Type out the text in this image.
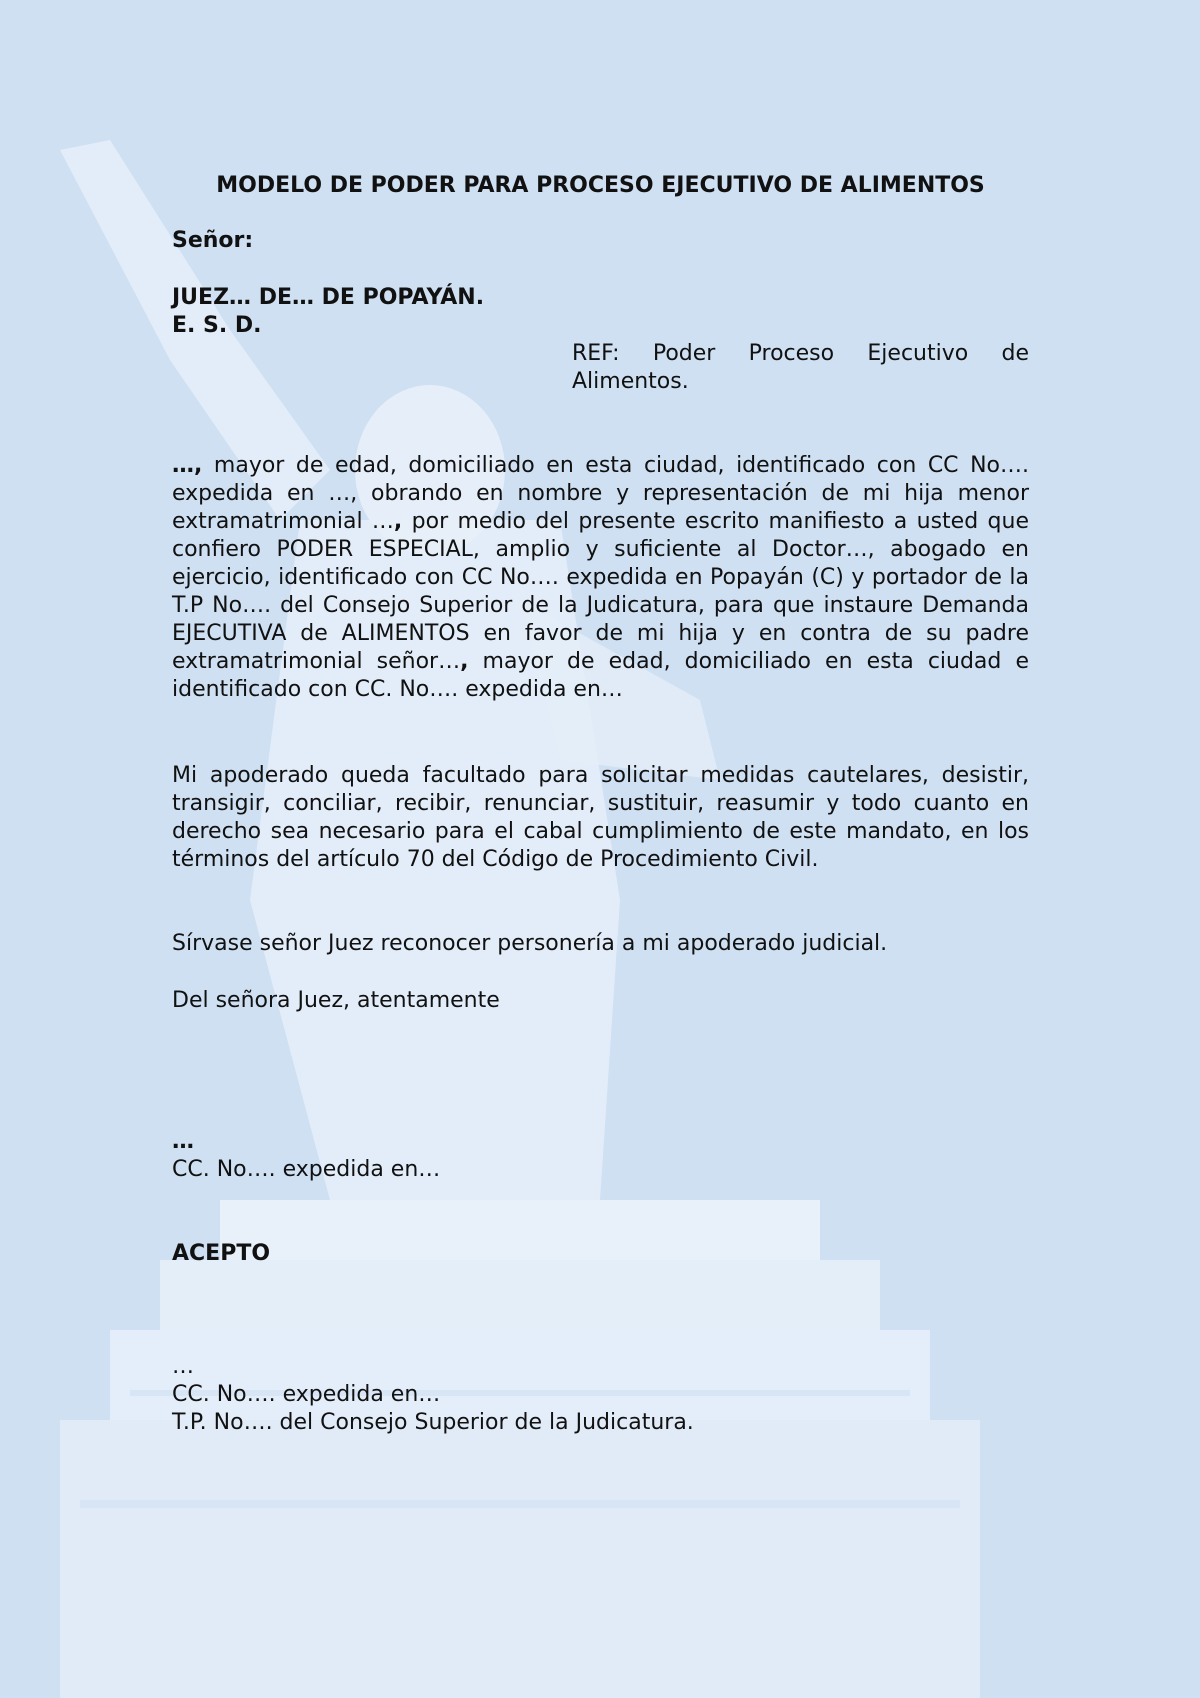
MODELO DE PODER PARA PROCESO EJECUTIVO DE ALIMENTOS
Señor:
JUEZ… DE… DE POPAYÁN.
E. S. D.
REF: Poder Proceso Ejecutivo de Alimentos.
…, mayor de edad, domiciliado en esta ciudad, identificado con CC No…. expedida en …, obrando en nombre y representación de mi hija menor extramatrimonial …, por medio del presente escrito manifiesto a usted que confiero PODER ESPECIAL, amplio y suficiente al Doctor…, abogado en ejercicio, identificado con CC No…. expedida en Popayán (C) y portador de la T.P No…. del Consejo Superior de la Judicatura, para que instaure Demanda EJECUTIVA de ALIMENTOS en favor de mi hija y en contra de su padre extramatrimonial señor…, mayor de edad, domiciliado en esta ciudad e identificado con CC. No…. expedida en…
Mi apoderado queda facultado para solicitar medidas cautelares, desistir, transigir, conciliar, recibir, renunciar, sustituir, reasumir y todo cuanto en derecho sea necesario para el cabal cumplimiento de este mandato, en los términos del artículo 70 del Código de Procedimiento Civil.
Sírvase señor Juez reconocer personería a mi apoderado judicial.
Del señora Juez, atentamente
…
CC. No…. expedida en…
ACEPTO
…
CC. No…. expedida en…
T.P. No…. del Consejo Superior de la Judicatura.
